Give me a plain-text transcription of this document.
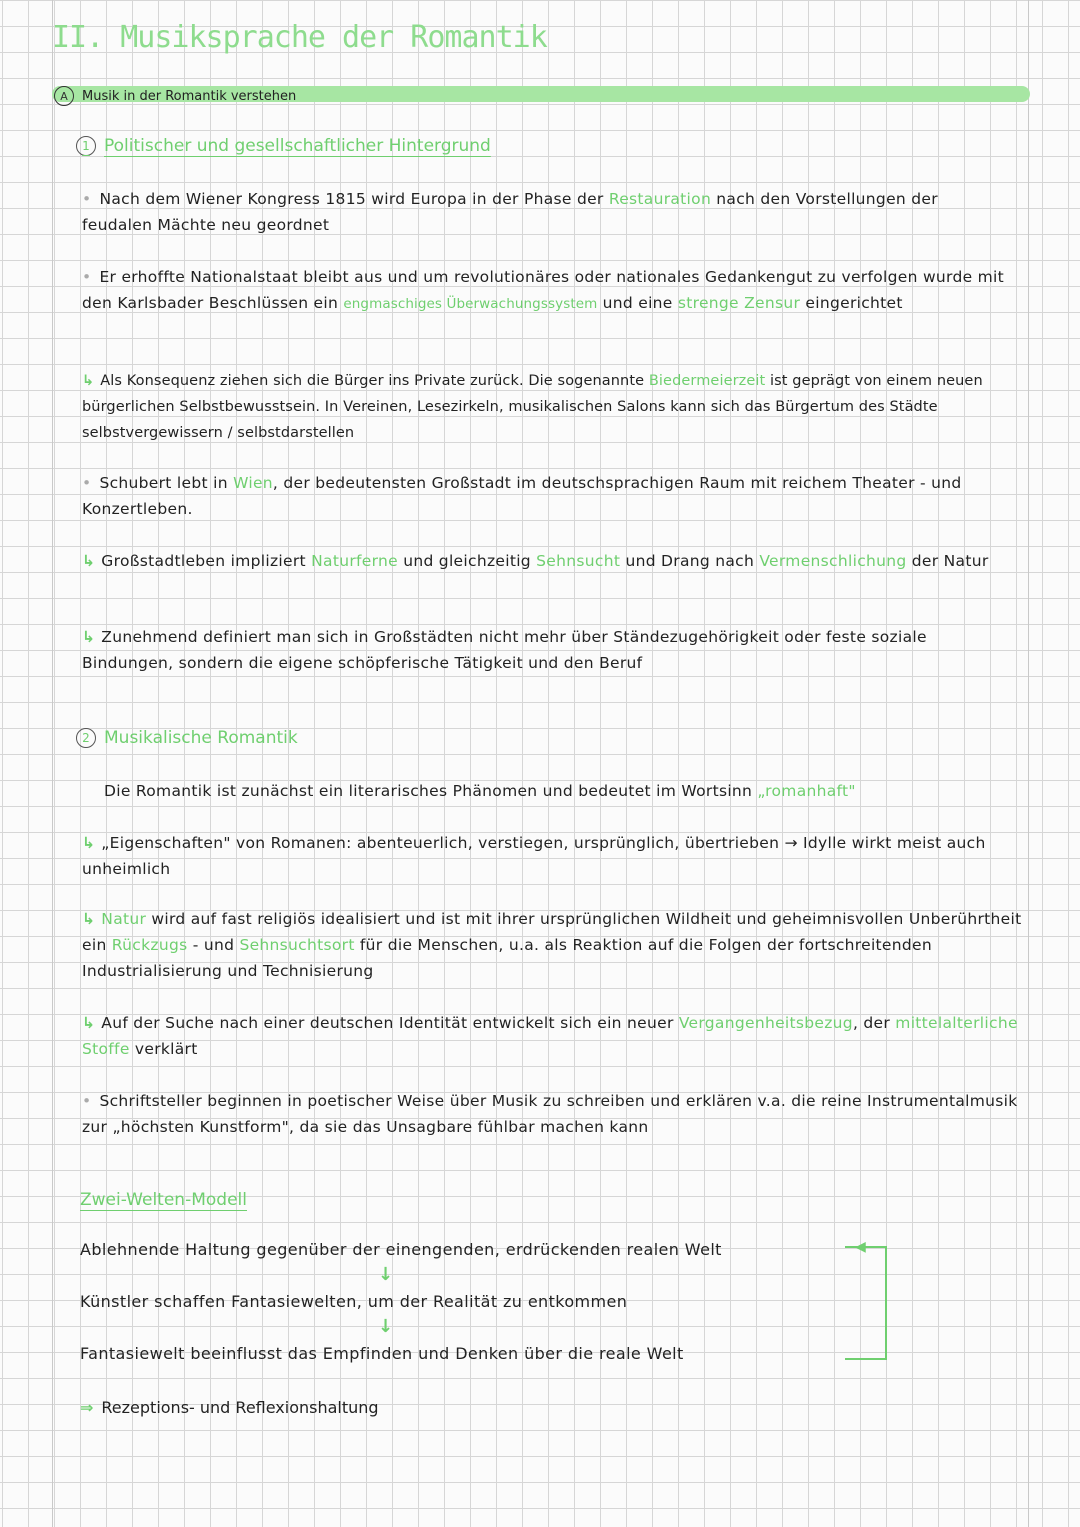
II. Musiksprache der Romantik
A	Musik in der Romantik verstehen
1 Politischer und gesellschaftlicher Hintergrund

• Nach dem Wiener Kongress 1815 wird Europa in der Phase der Restauration nach den Vorstellungen der feudalen Mächte neu geordnet

• Er erhoffte Nationalstaat bleibt aus und um revolutionäres oder nationales Gedankengut zu verfolgen wurde mit den Karlsbader Beschlüssen ein engmaschiges Überwachungssystem und eine strenge Zensur eingerichtet

↳ Als Konsequenz ziehen sich die Bürger ins Private zurück. Die sogenannte Biedermeierzeit ist geprägt von einem neuen bürgerlichen Selbstbewusstsein. In Vereinen, Lesezirkeln, musikalischen Salons kann sich das Bürgertum des Städte selbstvergewissern / selbstdarstellen

• Schubert lebt in Wien, der bedeutensten Großstadt im deutschsprachigen Raum mit reichem Theater - und Konzertleben.

↳ Großstadtleben impliziert Naturferne und gleichzeitig Sehnsucht und Drang nach Vermenschlichung der Natur

↳ Zunehmend definiert man sich in Großstädten nicht mehr über Ständezugehörigkeit oder feste soziale Bindungen, sondern die eigene schöpferische Tätigkeit und den Beruf

2 Musikalische Romantik

Die Romantik ist zunächst ein literarisches Phänomen und bedeutet im Wortsinn „romanhaft"

↳ „Eigenschaften" von Romanen: abenteuerlich, verstiegen, ursprünglich, übertrieben → Idylle wirkt meist auch unheimlich

↳ Natur wird auf fast religiös idealisiert und ist mit ihrer ursprünglichen Wildheit und geheimnisvollen Unberührtheit ein Rückzugs - und Sehnsuchtsort für die Menschen, u.a. als Reaktion auf die Folgen der fortschreitenden Industrialisierung und Technisierung

↳ Auf der Suche nach einer deutschen Identität entwickelt sich ein neuer Vergangenheitsbezug, der mittelalterliche Stoffe verklärt

• Schriftsteller beginnen in poetischer Weise über Musik zu schreiben und erklären v.a. die reine Instrumentalmusik zur „höchsten Kunstform", da sie das Unsagbare fühlbar machen kann

Zwei-Welten-Modell
Ablehnende Haltung gegenüber der einengenden, erdrückenden realen Welt
↓
Künstler schaffen Fantasiewelten, um der Realität zu entkommen
↓
Fantasiewelt beeinflusst das Empfinden und Denken über die reale Welt
◀
⇒ Rezeptions- und Reflexionshaltung
